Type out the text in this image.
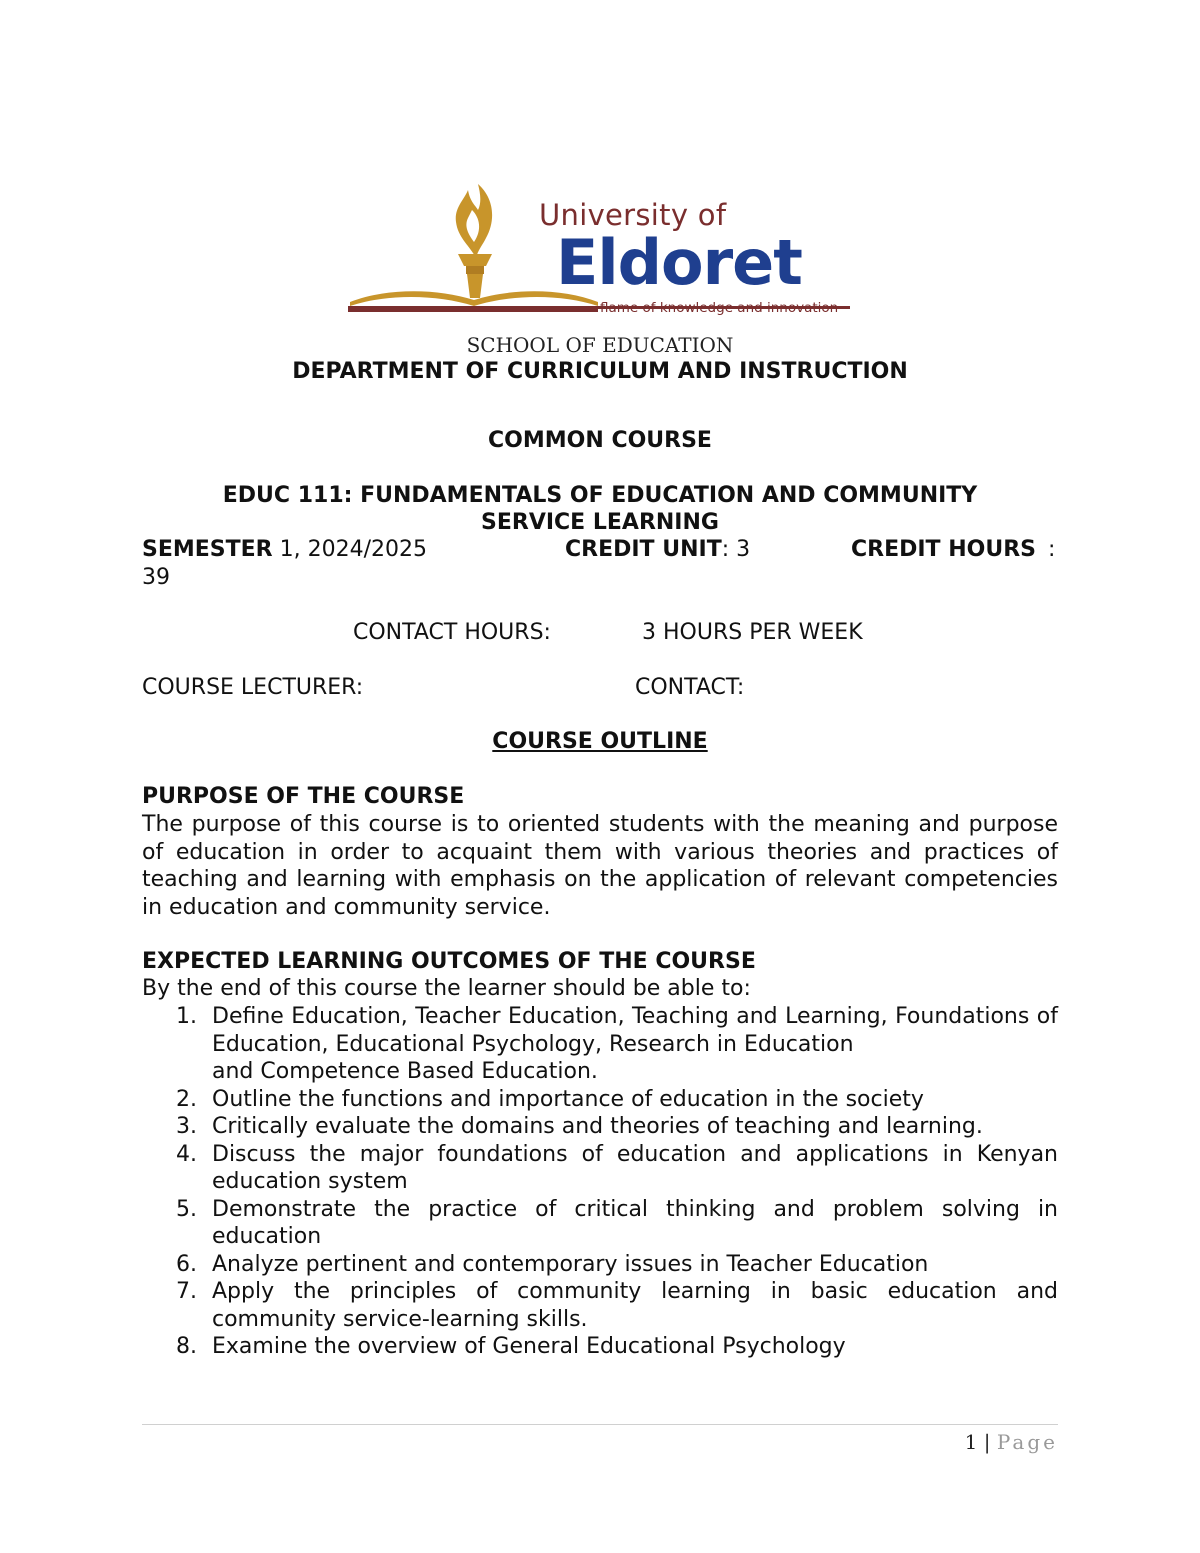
University of
Eldoret
flame of knowledge and innovation
SCHOOL OF EDUCATION
DEPARTMENT OF CURRICULUM AND INSTRUCTION
COMMON COURSE
EDUC 111: FUNDAMENTALS OF EDUCATION AND COMMUNITY
SERVICE LEARNING
SEMESTER 1, 2024/2025	CREDIT UNIT: 3	CREDIT HOURS :
39
CONTACT HOURS:	3 HOURS PER WEEK
COURSE LECTURER:	CONTACT:
COURSE OUTLINE
PURPOSE OF THE COURSE
The purpose of this course is to oriented students with the meaning and purpose of education in order to acquaint them with various theories and practices of teaching and learning with emphasis on the application of relevant competencies in education and community service.
EXPECTED LEARNING OUTCOMES OF THE COURSE
By the end of this course the learner should be able to:
1. Define Education, Teacher Education, Teaching and Learning, Foundations of Education, Educational Psychology, Research in Education
and Competence Based Education.
2. Outline the functions and importance of education in the society
3. Critically evaluate the domains and theories of teaching and learning.
4. Discuss the major foundations of education and applications in Kenyan education system
5. Demonstrate the practice of critical thinking and problem solving in education
6. Analyze pertinent and contemporary issues in Teacher Education
7. Apply the principles of community learning in basic education and community service-learning skills.
8. Examine the overview of General Educational Psychology
1 | Page
